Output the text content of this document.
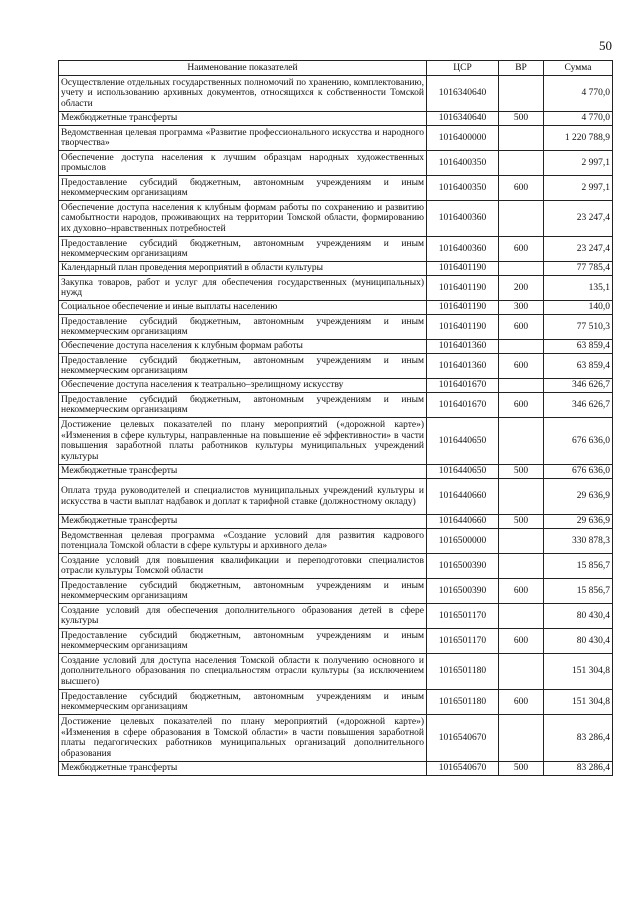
50
Наименование показателей	ЦСР	ВР	Сумма
Осуществление отдельных государственных полномочий по хранению, комплектованию, учету и использованию архивных документов, относящихся к собственности Томской области	1016340640		4 770,0
Межбюджетные трансферты	1016340640	500	4 770,0
Ведомственная целевая программа «Развитие профессионального искусства и народного творчества»	1016400000		1 220 788,9
Обеспечение доступа населения к лучшим образцам народных художественных промыслов	1016400350		2 997,1
Предоставление субсидий бюджетным, автономным учреждениям и иным некоммерческим организациям	1016400350	600	2 997,1
Обеспечение доступа населения к клубным формам работы по сохранению и развитию самобытности народов, проживающих на территории Томской области, формированию их духовно–нравственных потребностей	1016400360		23 247,4
Предоставление субсидий бюджетным, автономным учреждениям и иным некоммерческим организациям	1016400360	600	23 247,4
Календарный план проведения мероприятий в области культуры	1016401190		77 785,4
Закупка товаров, работ и услуг для обеспечения государственных (муниципальных) нужд	1016401190	200	135,1
Социальное обеспечение и иные выплаты населению	1016401190	300	140,0
Предоставление субсидий бюджетным, автономным учреждениям и иным некоммерческим организациям	1016401190	600	77 510,3
Обеспечение доступа населения к клубным формам работы	1016401360		63 859,4
Предоставление субсидий бюджетным, автономным учреждениям и иным некоммерческим организациям	1016401360	600	63 859,4
Обеспечение доступа населения к театрально–зрелищному искусству	1016401670		346 626,7
Предоставление субсидий бюджетным, автономным учреждениям и иным некоммерческим организациям	1016401670	600	346 626,7
Достижение целевых показателей по плану мероприятий («дорожной карте») «Изменения в сфере культуры, направленные на повышение её эффективности» в части повышения заработной платы работников культуры муниципальных учреждений культуры	1016440650		676 636,0
Межбюджетные трансферты	1016440650	500	676 636,0
Оплата труда руководителей и специалистов муниципальных учреждений культуры и искусства в части выплат надбавок и доплат к тарифной ставке (должностному окладу)	1016440660		29 636,9
Межбюджетные трансферты	1016440660	500	29 636,9
Ведомственная целевая программа «Создание условий для развития кадрового потенциала Томской области в сфере культуры и архивного дела»	1016500000		330 878,3
Создание условий для повышения квалификации и переподготовки специалистов отрасли культуры Томской области	1016500390		15 856,7
Предоставление субсидий бюджетным, автономным учреждениям и иным некоммерческим организациям	1016500390	600	15 856,7
Создание условий для обеспечения дополнительного образования детей в сфере культуры	1016501170		80 430,4
Предоставление субсидий бюджетным, автономным учреждениям и иным некоммерческим организациям	1016501170	600	80 430,4
Создание условий для доступа населения Томской области к получению основного и дополнительного образования по специальностям отрасли культуры (за исключением высшего)	1016501180		151 304,8
Предоставление субсидий бюджетным, автономным учреждениям и иным некоммерческим организациям	1016501180	600	151 304,8
Достижение целевых показателей по плану мероприятий («дорожной карте») «Изменения в сфере образования в Томской области» в части повышения заработной платы педагогических работников муниципальных организаций дополнительного образования	1016540670		83 286,4
Межбюджетные трансферты	1016540670	500	83 286,4
